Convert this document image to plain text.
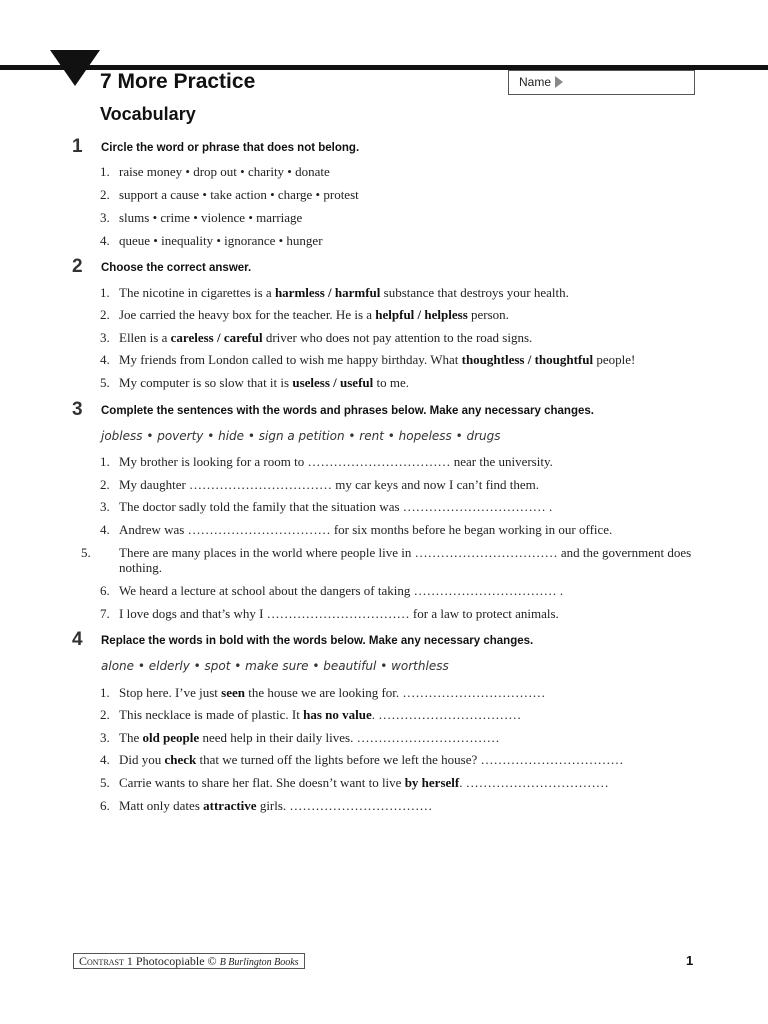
7 More Practice	Name
Vocabulary
1 Circle the word or phrase that does not belong.
1. raise money • drop out • charity • donate
2. support a cause • take action • charge • protest
3. slums • crime • violence • marriage
4. queue • inequality • ignorance • hunger
2 Choose the correct answer.
1. The nicotine in cigarettes is a harmless / harmful substance that destroys your health.
2. Joe carried the heavy box for the teacher. He is a helpful / helpless person.
3. Ellen is a careless / careful driver who does not pay attention to the road signs.
4. My friends from London called to wish me happy birthday. What thoughtless / thoughtful people!
5. My computer is so slow that it is useless / useful to me.
3 Complete the sentences with the words and phrases below. Make any necessary changes.
jobless • poverty • hide • sign a petition • rent • hopeless • drugs
1. My brother is looking for a room to …………………………… near the university.
2. My daughter …………………………… my car keys and now I can’t find them.
3. The doctor sadly told the family that the situation was …………………………… .
4. Andrew was …………………………… for six months before he began working in our office.
5. There are many places in the world where people live in …………………………… and the government does nothing.
6. We heard a lecture at school about the dangers of taking …………………………… .
7. I love dogs and that’s why I …………………………… for a law to protect animals.
4 Replace the words in bold with the words below. Make any necessary changes.
alone • elderly • spot • make sure • beautiful • worthless
1. Stop here. I’ve just seen the house we are looking for. ……………………………
2. This necklace is made of plastic. It has no value. ……………………………
3. The old people need help in their daily lives. ……………………………
4. Did you check that we turned off the lights before we left the house? ……………………………
5. Carrie wants to share her flat. She doesn’t want to live by herself. ……………………………
6. Matt only dates attractive girls. ……………………………
Contrast 1 Photocopiable © B Burlington Books	1
